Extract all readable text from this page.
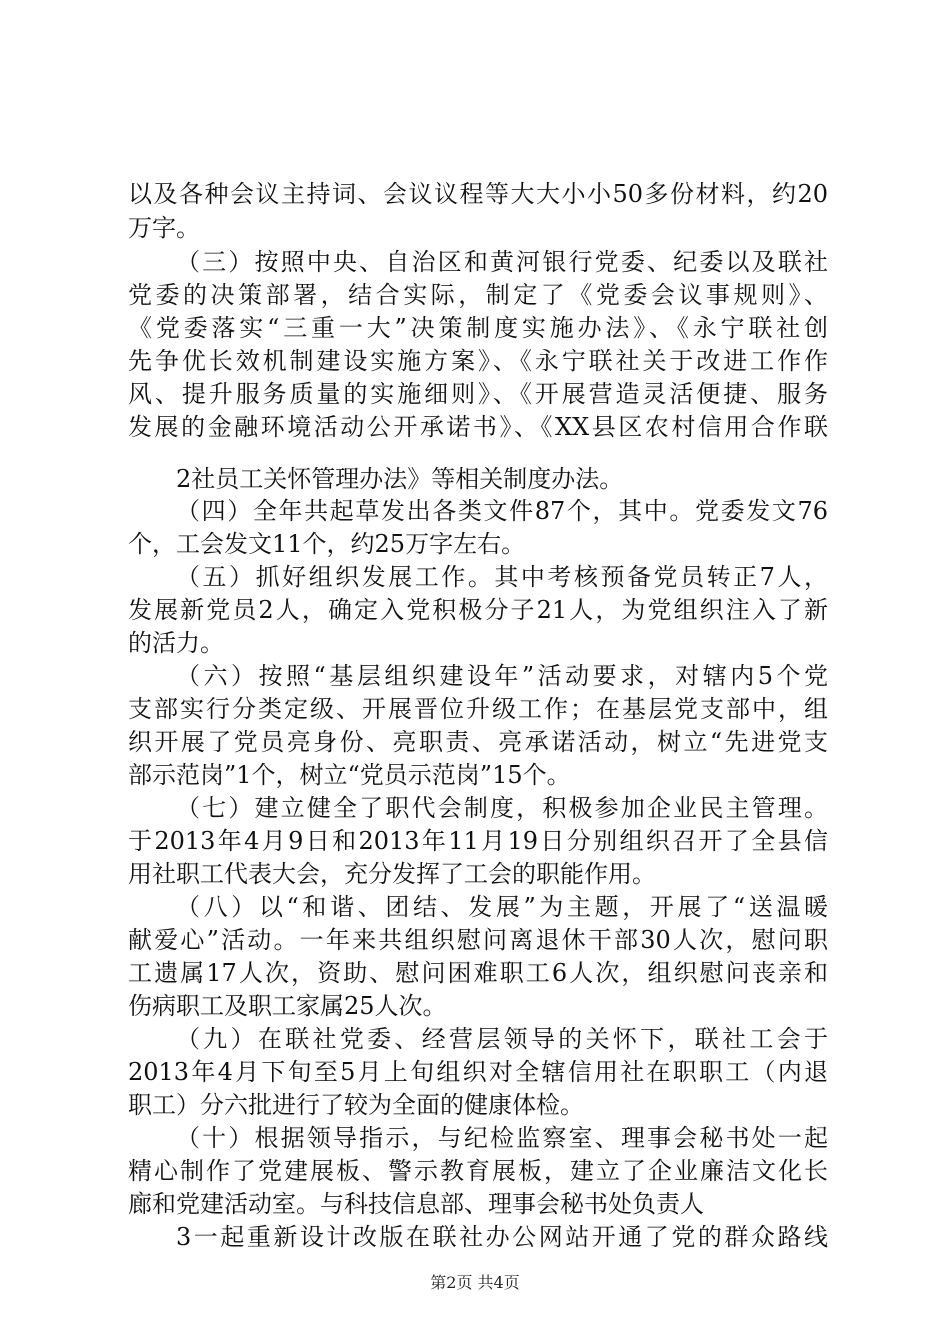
以及各种会议主持词、会议议程等大大小小50多份材料，约20
万字。
（三）按照中央、自治区和黄河银行党委、纪委以及联社
党委的决策部署，结合实际，制定了《党委会议事规则》、
《党委落实“三重一大”决策制度实施办法》、《永宁联社创
先争优长效机制建设实施方案》、《永宁联社关于改进工作作
风、提升服务质量的实施细则》、《开展营造灵活便捷、服务
发展的金融环境活动公开承诺书》、《XX县区农村信用合作联
2社员工关怀管理办法》等相关制度办法。
（四）全年共起草发出各类文件87个，其中。党委发文76
个，工会发文11个，约25万字左右。
（五）抓好组织发展工作。其中考核预备党员转正7人，
发展新党员2人，确定入党积极分子21人，为党组织注入了新
的活力。
（六）按照“基层组织建设年”活动要求，对辖内5个党
支部实行分类定级、开展晋位升级工作；在基层党支部中，组
织开展了党员亮身份、亮职责、亮承诺活动，树立“先进党支
部示范岗”1个，树立“党员示范岗”15个。
（七）建立健全了职代会制度，积极参加企业民主管理。
于2013年4月9日和2013年11月19日分别组织召开了全县信
用社职工代表大会，充分发挥了工会的职能作用。
（八）以“和谐、团结、发展”为主题，开展了“送温暖
献爱心”活动。一年来共组织慰问离退休干部30人次，慰问职
工遗属17人次，资助、慰问困难职工6人次，组织慰问丧亲和
伤病职工及职工家属25人次。
（九）在联社党委、经营层领导的关怀下，联社工会于
2013年4月下旬至5月上旬组织对全辖信用社在职职工（内退
职工）分六批进行了较为全面的健康体检。
（十）根据领导指示，与纪检监察室、理事会秘书处一起
精心制作了党建展板、警示教育展板，建立了企业廉洁文化长
廊和党建活动室。与科技信息部、理事会秘书处负责人
3一起重新设计改版在联社办公网站开通了党的群众路线
第2页 共4页
